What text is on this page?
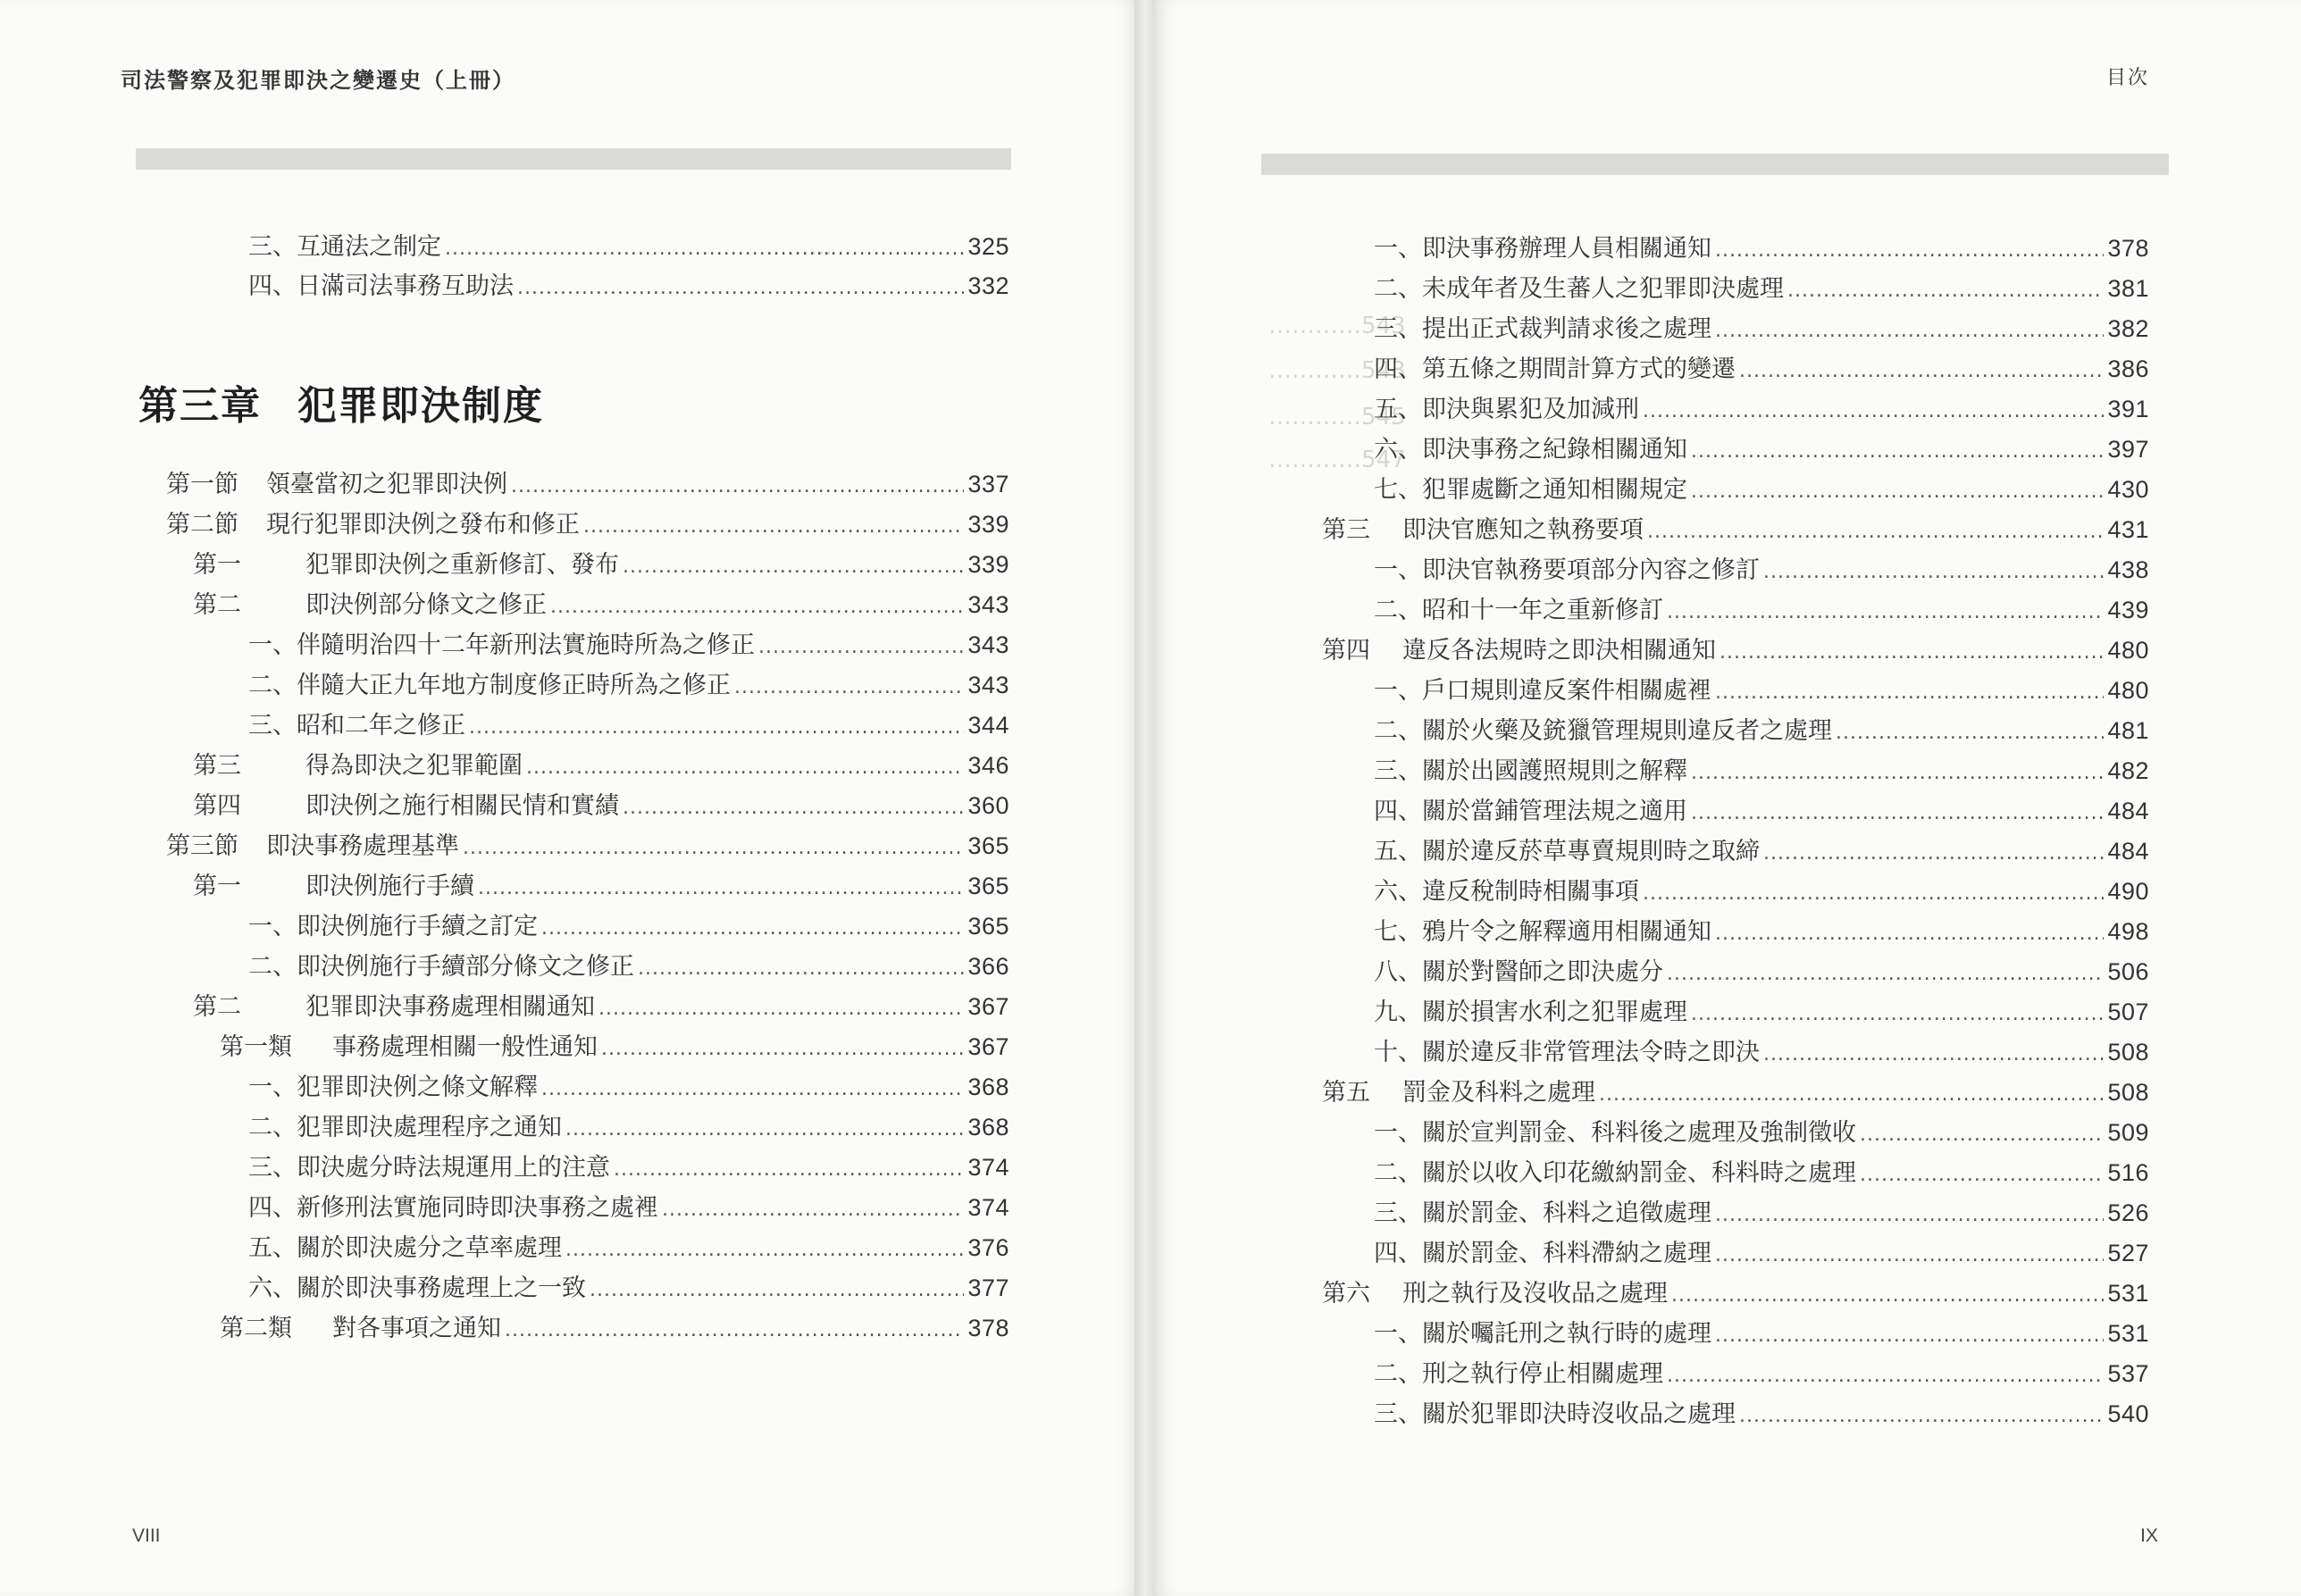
司法警察及犯罪即決之變遷史（上冊）
……
三、互通法之制定 .....	325
四、日滿司法事務互助法 .....	332
第三章 犯罪即決制度
第一節	領臺當初之犯罪即決例 .....	337
第二節	現行犯罪即決例之發布和修正 .....	339
第一	犯罪即決例之重新修訂、發布 .....	339
第二	即決例部分條文之修正 .....	343
一、伴隨明治四十二年新刑法實施時所為之修正 .....	343
二、伴隨大正九年地方制度修正時所為之修正 .....	343
三、昭和二年之修正 .....	344
第三	得為即決之犯罪範圍 .....	346
第四	即決例之施行相關民情和實績 .....	360
第三節	即決事務處理基準 .....	365
第一	即決例施行手續 .....	365
一、即決例施行手續之訂定 .....	365
二、即決例施行手續部分條文之修正 .....	366
第二	犯罪即決事務處理相關通知 .....	367
第一類	事務處理相關一般性通知 .....	367
一、犯罪即決例之條文解釋 .....	368
二、犯罪即決處理程序之通知 .....	368
三、即決處分時法規運用上的注意 .....	374
四、新修刑法實施同時即決事務之處裡 .....	374
五、關於即決處分之草率處理 .....	376
六、關於即決事務處理上之一致 .....	377
第二類	對各事項之通知 .....	378
VIII
目次
…………543
…………543
…………545
…………547
一、即決事務辦理人員相關通知 .....	378
二、未成年者及生蕃人之犯罪即決處理 .....	381
三、提出正式裁判請求後之處理 .....	382
四、第五條之期間計算方式的變遷 .....	386
五、即決與累犯及加減刑 .....	391
六、即決事務之紀錄相關通知 .....	397
七、犯罪處斷之通知相關規定 .....	430
第三	即決官應知之執務要項 .....	431
一、即決官執務要項部分內容之修訂 .....	438
二、昭和十一年之重新修訂 .....	439
第四	違反各法規時之即決相關通知 .....	480
一、戶口規則違反案件相關處裡 .....	480
二、關於火藥及銃獵管理規則違反者之處理 .....	481
三、關於出國護照規則之解釋 .....	482
四、關於當鋪管理法規之適用 .....	484
五、關於違反菸草專賣規則時之取締 .....	484
六、違反稅制時相關事項 .....	490
七、鴉片令之解釋適用相關通知 .....	498
八、關於對醫師之即決處分 .....	506
九、關於損害水利之犯罪處理 .....	507
十、關於違反非常管理法令時之即決 .....	508
第五	罰金及科料之處理 .....	508
一、關於宣判罰金、科料後之處理及強制徵收 .....	509
二、關於以收入印花繳納罰金、科料時之處理 .....	516
三、關於罰金、科料之追徵處理 .....	526
四、關於罰金、科料滯納之處理 .....	527
第六	刑之執行及沒收品之處理 .....	531
一、關於囑託刑之執行時的處理 .....	531
二、刑之執行停止相關處理 .....	537
三、關於犯罪即決時沒收品之處理 .....	540
IX
